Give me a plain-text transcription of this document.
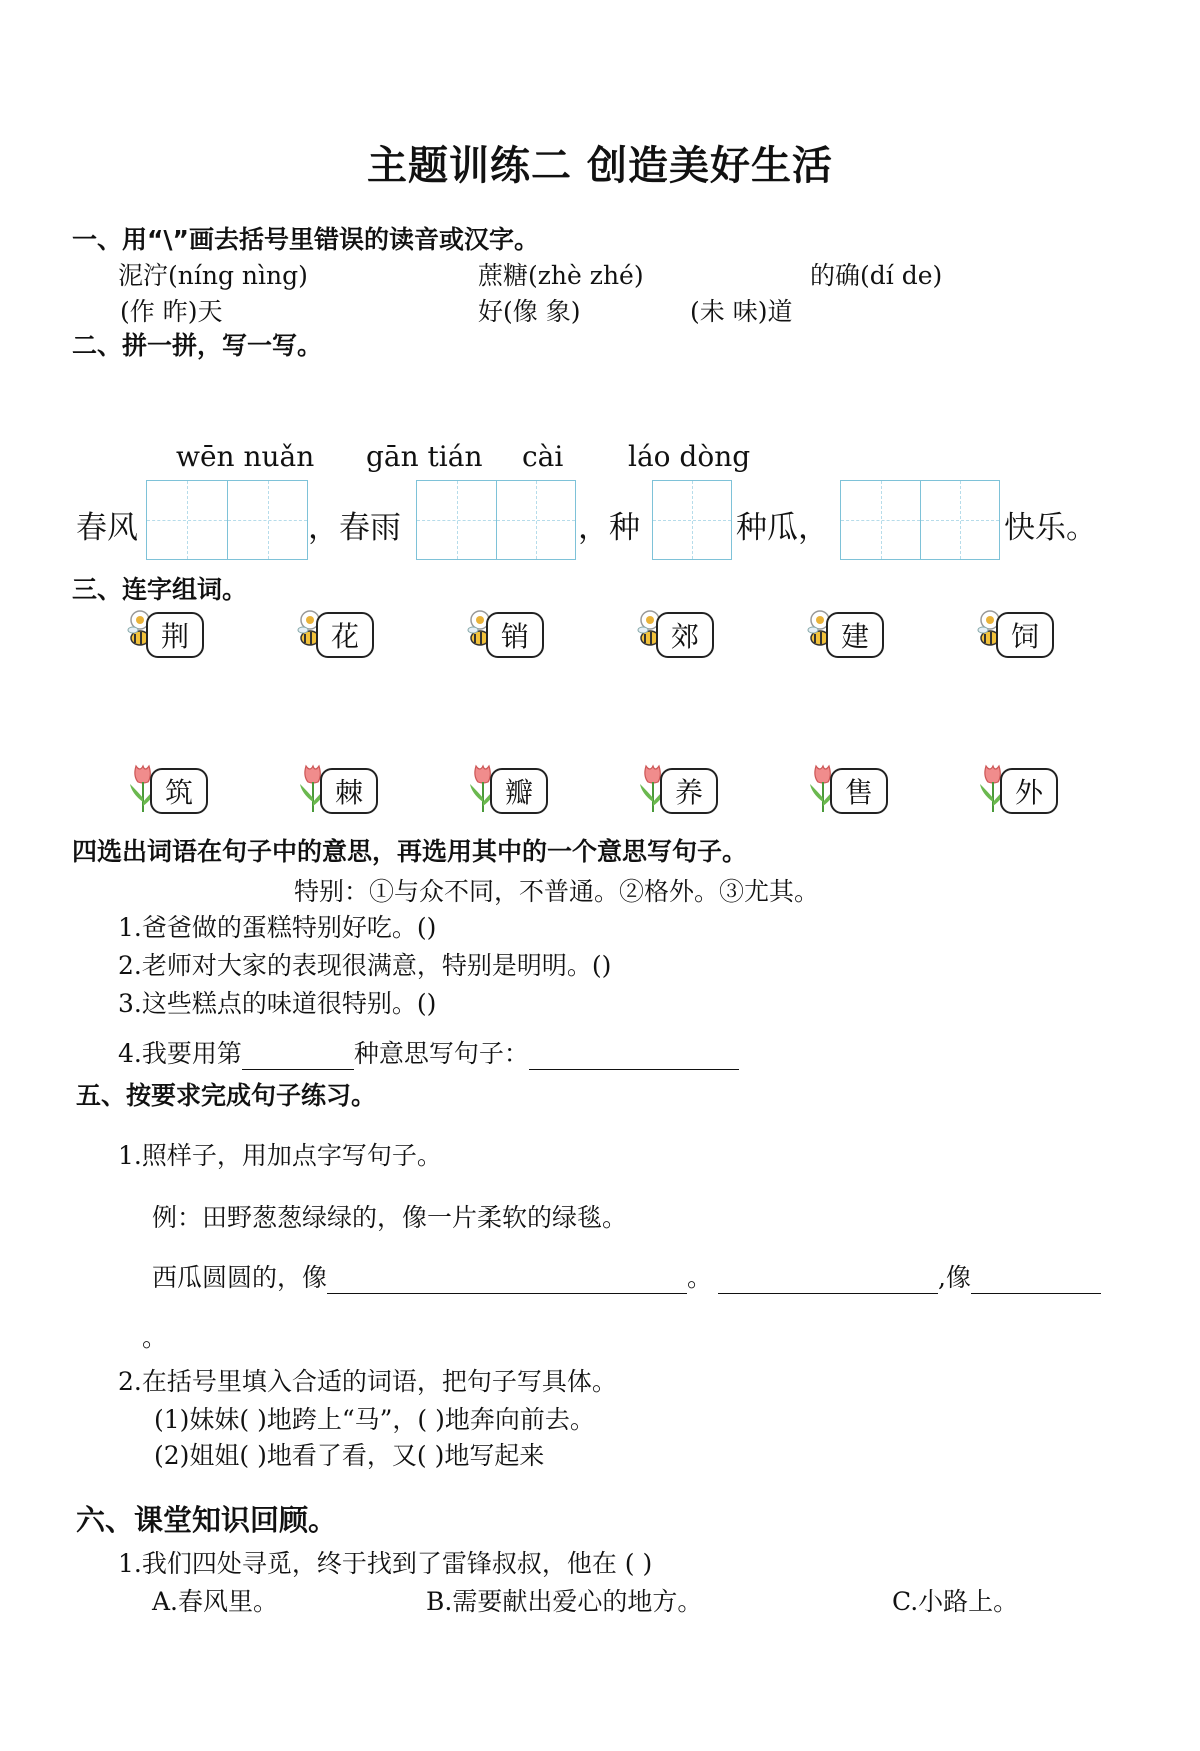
主题训练二 创造美好生活
一、用“\”画去括号里错误的读音或汉字。
泥泞(níng nìng)	蔗糖(zhè zhé)	的确(dí de)
(作 昨)天	好(像 象)	(未 味)道
二、拼一拼，写一写。
wēn nuǎn gān tián cài láo dòng
春风	，春雨	，种	种瓜，	快乐。
三、连字组词。
荆	花	销	郊	建	饲
筑	棘	瓣	养	售	外
四选出词语在句子中的意思，再选用其中的一个意思写句子。
特别：①与众不同，不普通。②格外。③尤其。
1.爸爸做的蛋糕特别好吃。()
2.老师对大家的表现很满意，特别是明明。()
3.这些糕点的味道很特别。()
4.我要用第	种意思写句子：
五、按要求完成句子练习。
1.照样子，用加点字写句子。
例：田野葱葱绿绿的，像一片柔软的绿毯。
西瓜圆圆的，像	。	,像
。
2.在括号里填入合适的词语，把句子写具体。
(1)妹妹( )地跨上“马”，( )地奔向前去。
(2)姐姐( )地看了看，又( )地写起来
六、课堂知识回顾。
1.我们四处寻觅，终于找到了雷锋叔叔，他在 ( )
A.春风里。	B.需要献出爱心的地方。	C.小路上。
